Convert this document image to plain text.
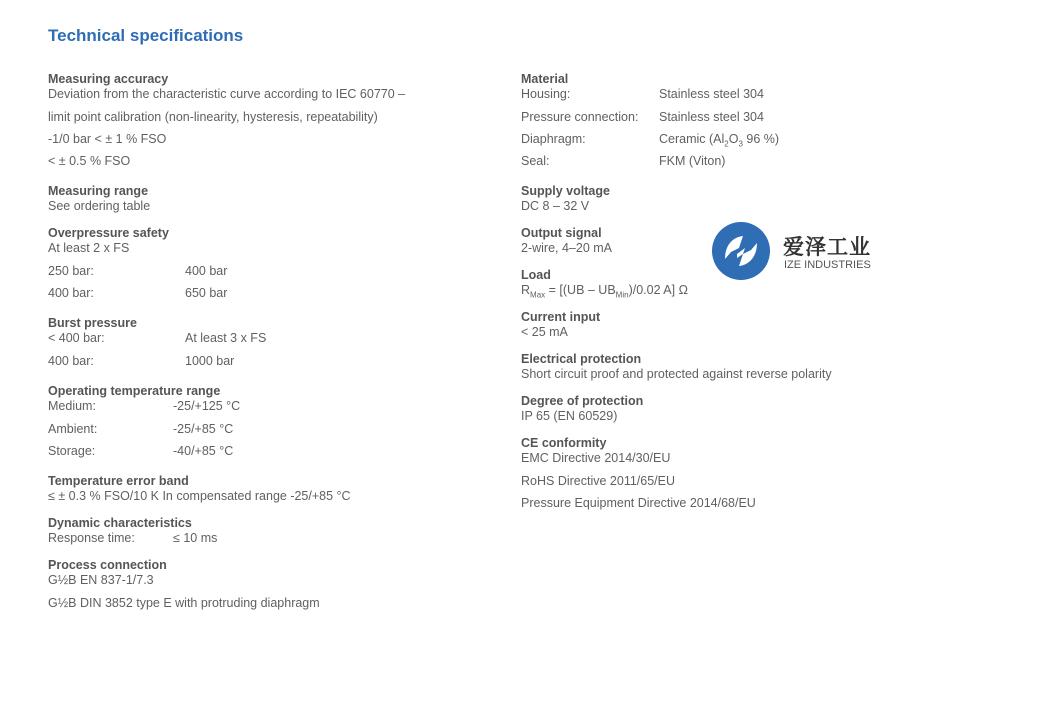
Technical specifications
Measuring accuracy
Deviation from the characteristic curve according to IEC 60770 –
limit point calibration (non-linearity, hysteresis, repeatability)
-1/0 bar < ± 1 % FSO
< ± 0.5 % FSO
Measuring range
See ordering table
Overpressure safety
At least 2 x FS
250 bar:	400 bar
400 bar:	650 bar
Burst pressure
< 400 bar:	At least 3 x FS
400 bar:	1000 bar
Operating temperature range
Medium:	-25/+125 °C
Ambient:	-25/+85 °C
Storage:	-40/+85 °C
Temperature error band
≤ ± 0.3 % FSO/10 K In compensated range -25/+85 °C
Dynamic characteristics
Response time:	≤ 10 ms
Process connection
G½B EN 837-1/7.3
G½B DIN 3852 type E with protruding diaphragm
Material
Housing:	Stainless steel 304
Pressure connection:	Stainless steel 304
Diaphragm:	Ceramic ($Al_2O_3$ 96 %)
Seal:	FKM (Viton)
Supply voltage
DC 8 – 32 V
Output signal
2-wire, 4–20 mA
Load
$R_{Max} = [(UB - UB_{Min})/0.02$ A] Ω
Current input
< 25 mA
Electrical protection
Short circuit proof and protected against reverse polarity
Degree of protection
IP 65 (EN 60529)
CE conformity
EMC Directive 2014/30/EU
RoHS Directive 2011/65/EU
Pressure Equipment Directive 2014/68/EU
爱泽工业
IZE INDUSTRIES
